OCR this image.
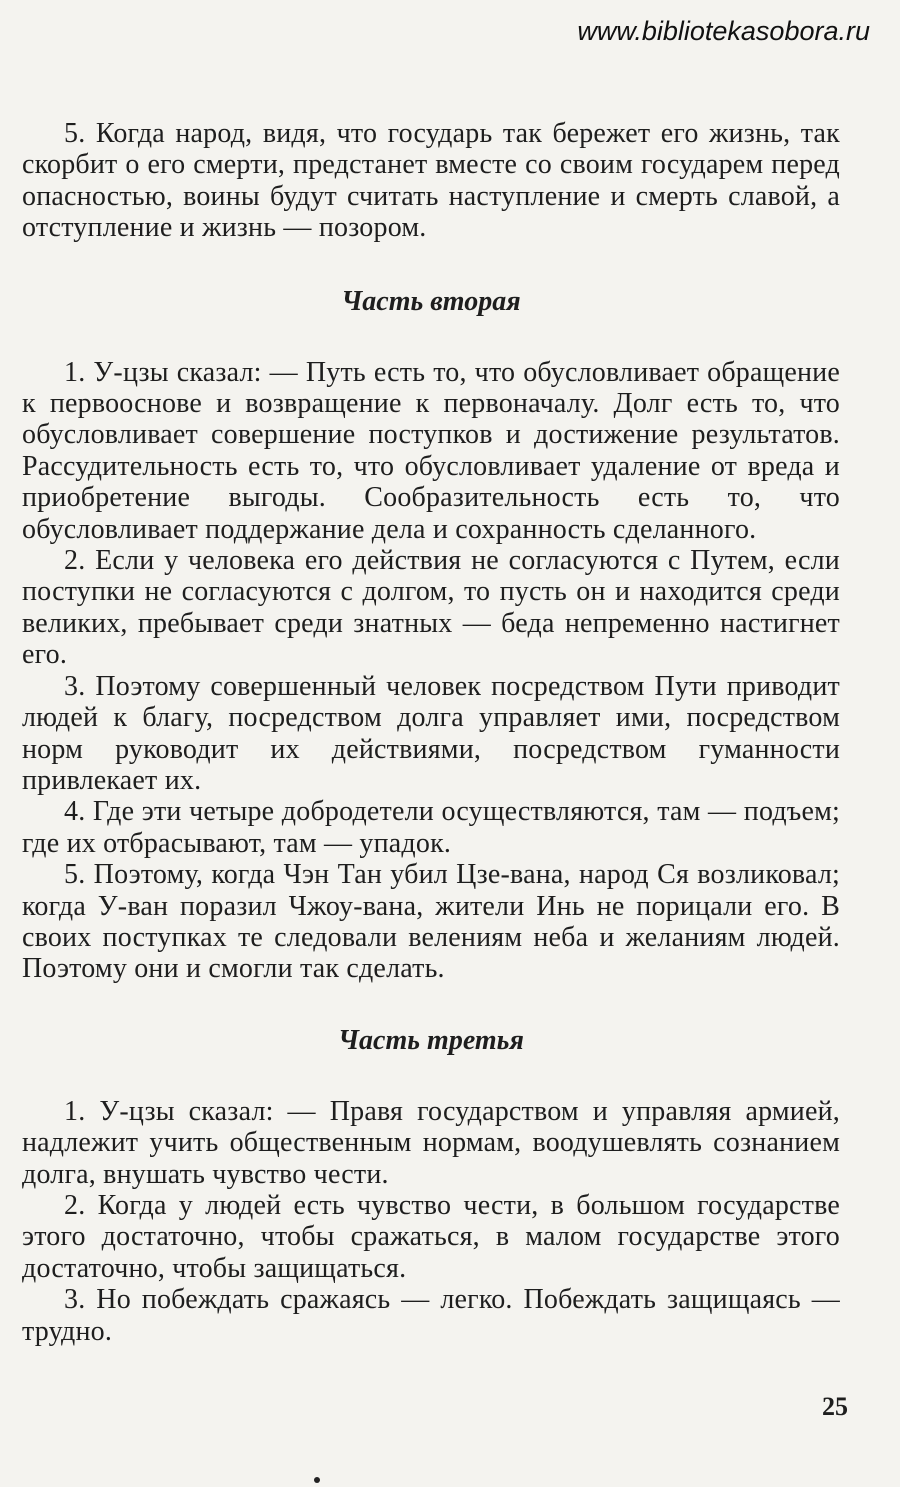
www.bibliotekasobora.ru

5. Когда народ, видя, что государь так бережет его жизнь, так скорбит о его смерти, предстанет вместе со своим государем перед опасностью, воины будут считать наступление и смерть славой, а отступление и жизнь — позором.

Часть вторая

1. У-цзы сказал: — Путь есть то, что обусловливает обращение к первооснове и возвращение к первоначалу. Долг есть то, что обусловливает совершение поступков и достижение результатов. Рассудительность есть то, что обусловливает удаление от вреда и приобретение выгоды. Сообразительность есть то, что обусловливает поддержание дела и сохранность сделанного.

2. Если у человека его действия не согласуются с Путем, если поступки не согласуются с долгом, то пусть он и находится среди великих, пребывает среди знатных — беда непременно настигнет его.

3. Поэтому совершенный человек посредством Пути приводит людей к благу, посредством долга управляет ими, посредством норм руководит их действиями, посредством гуманности привлекает их.

4. Где эти четыре добродетели осуществляются, там — подъем; где их отбрасывают, там — упадок.

5. Поэтому, когда Чэн Тан убил Цзе-вана, народ Ся возликовал; когда У-ван поразил Чжоу-вана, жители Инь не порицали его. В своих поступках те следовали велениям неба и желаниям людей. Поэтому они и смогли так сделать.

Часть третья

1. У-цзы сказал: — Правя государством и управляя армией, надлежит учить общественным нормам, воодушевлять сознанием долга, внушать чувство чести.

2. Когда у людей есть чувство чести, в большом государстве этого достаточно, чтобы сражаться, в малом государстве этого достаточно, чтобы защищаться.

3. Но побеждать сражаясь — легко. Побеждать защищаясь — трудно.

25
